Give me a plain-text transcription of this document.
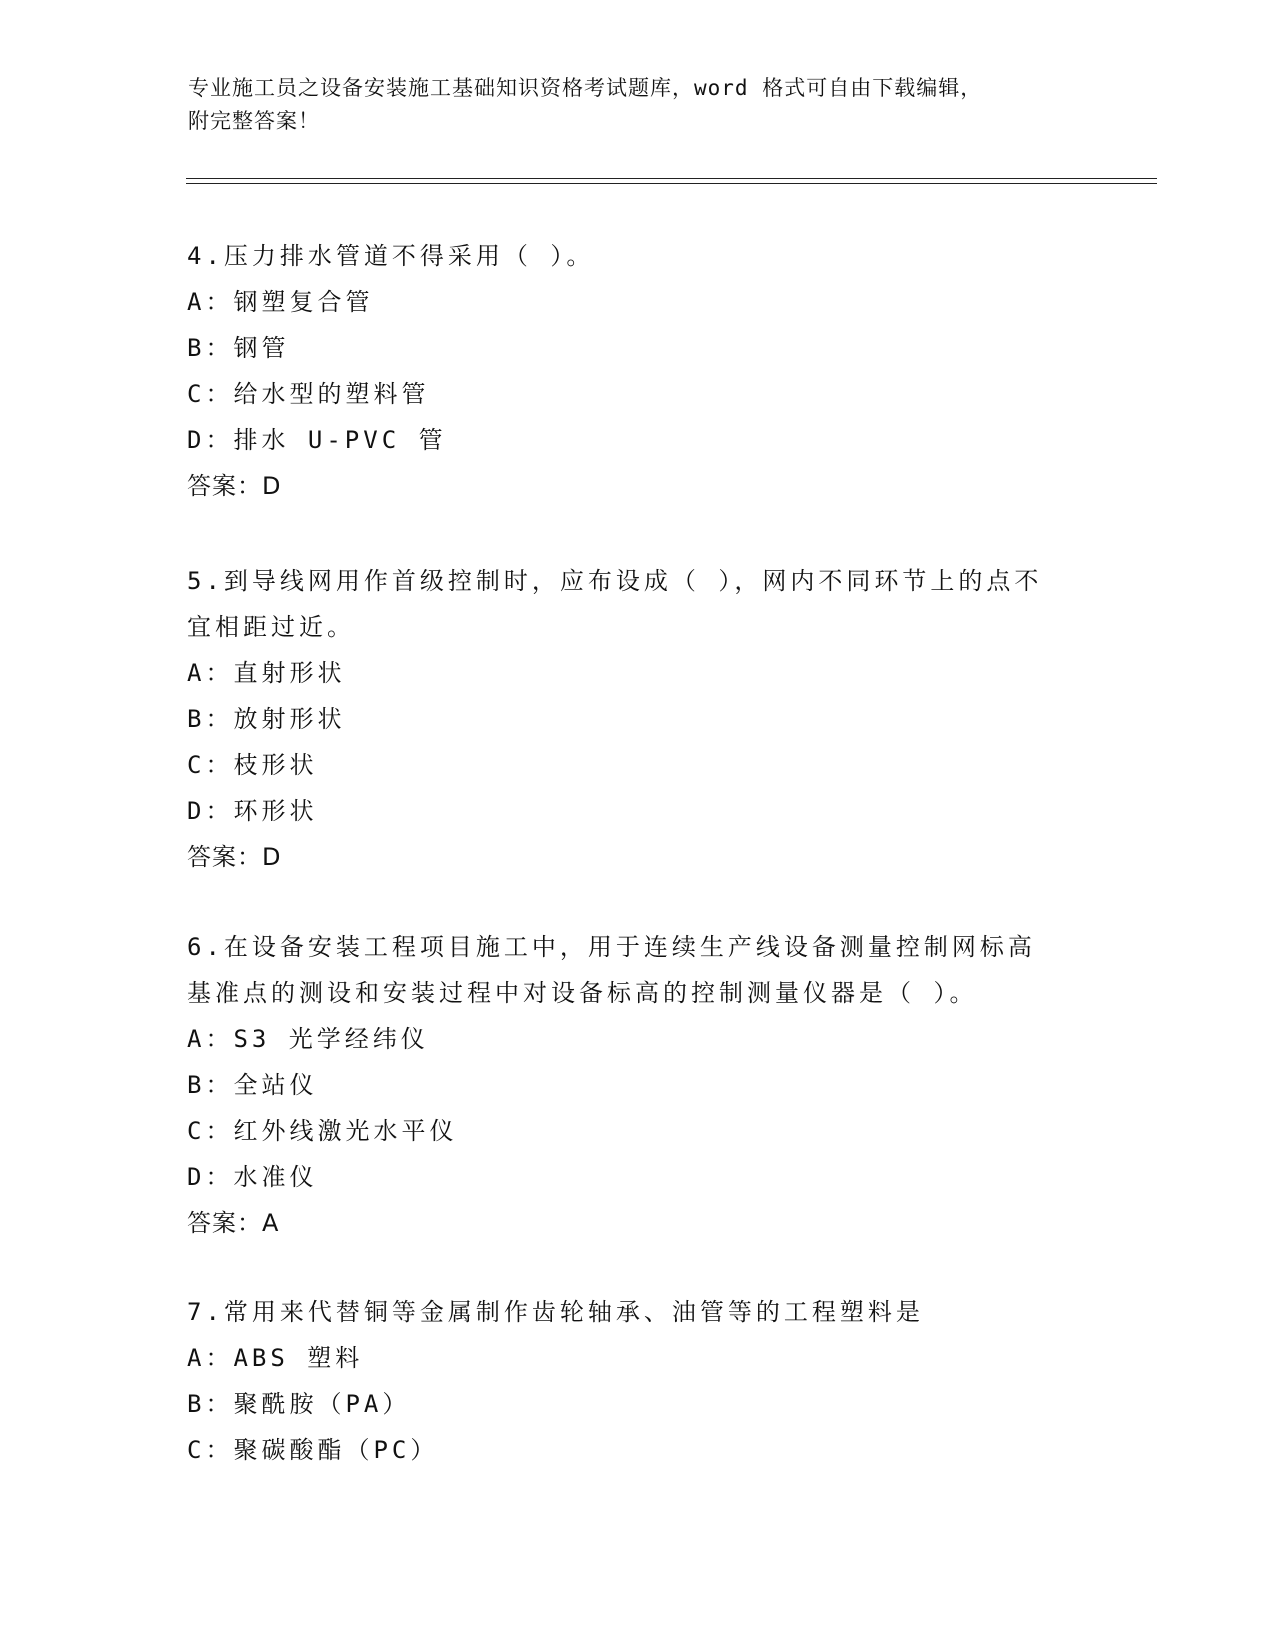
专业施工员之设备安装施工基础知识资格考试题库，word 格式可自由下载编辑，
附完整答案！
4.压力排水管道不得采用（ ）。
A：钢塑复合管
B：钢管
C：给水型的塑料管
D：排水 U-PVC 管
答案：D
5.到导线网用作首级控制时，应布设成（ ），网内不同环节上的点不
宜相距过近。
A：直射形状
B：放射形状
C：枝形状
D：环形状
答案：D
6.在设备安装工程项目施工中，用于连续生产线设备测量控制网标高
基准点的测设和安装过程中对设备标高的控制测量仪器是（ ）。
A：S3 光学经纬仪
B：全站仪
C：红外线激光水平仪
D：水准仪
答案：A
7.常用来代替铜等金属制作齿轮轴承、油管等的工程塑料是
A：ABS 塑料
B：聚酰胺（PA）
C：聚碳酸酯（PC）
